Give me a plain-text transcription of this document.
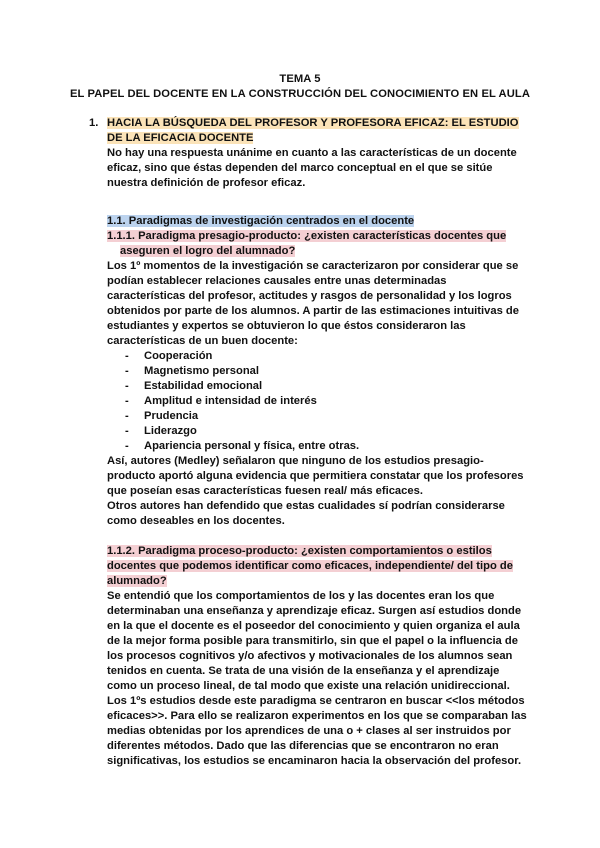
TEMA 5
EL PAPEL DEL DOCENTE EN LA CONSTRUCCIÓN DEL CONOCIMIENTO EN EL AULA
1. HACIA LA BÚSQUEDA DEL PROFESOR Y PROFESORA EFICAZ: EL ESTUDIO
DE LA EFICACIA DOCENTE

No hay una respuesta unánime en cuanto a las características de un docente eficaz, sino que éstas dependen del marco conceptual en el que se sitúe nuestra definición de profesor eficaz.

1.1. Paradigmas de investigación centrados en el docente
1.1.1. Paradigma presagio-producto: ¿existen características docentes que
aseguren el logro del alumnado?

Los 1º momentos de la investigación se caracterizaron por considerar que se podían establecer relaciones causales entre unas determinadas características del profesor, actitudes y rasgos de personalidad y los logros obtenidos por parte de los alumnos. A partir de las estimaciones intuitivas de estudiantes y expertos se obtuvieron lo que éstos consideraron las características de un buen docente:

- Cooperación
- Magnetismo personal
- Estabilidad emocional
- Amplitud e intensidad de interés
- Prudencia
- Liderazgo
- Apariencia personal y física, entre otras.

Así, autores (Medley) señalaron que ninguno de los estudios presagio-producto aportó alguna evidencia que permitiera constatar que los profesores que poseían esas características fuesen real/ más eficaces.

Otros autores han defendido que estas cualidades sí podrían considerarse como deseables en los docentes.

1.1.2. Paradigma proceso-producto: ¿existen comportamientos o estilos
docentes que podemos identificar como eficaces, independiente/ del tipo de
alumnado?

Se entendió que los comportamientos de los y las docentes eran los que determinaban una enseñanza y aprendizaje eficaz. Surgen así estudios donde en la que el docente es el poseedor del conocimiento y quien organiza el aula de la mejor forma posible para transmitirlo, sin que el papel o la influencia de los procesos cognitivos y/o afectivos y motivacionales de los alumnos sean tenidos en cuenta. Se trata de una visión de la enseñanza y el aprendizaje como un proceso lineal, de tal modo que existe una relación unidireccional.

Los 1ºs estudios desde este paradigma se centraron en buscar <<los métodos eficaces>>. Para ello se realizaron experimentos en los que se comparaban las medias obtenidas por los aprendices de una o + clases al ser instruidos por diferentes métodos. Dado que las diferencias que se encontraron no eran significativas, los estudios se encaminaron hacia la observación del profesor.
